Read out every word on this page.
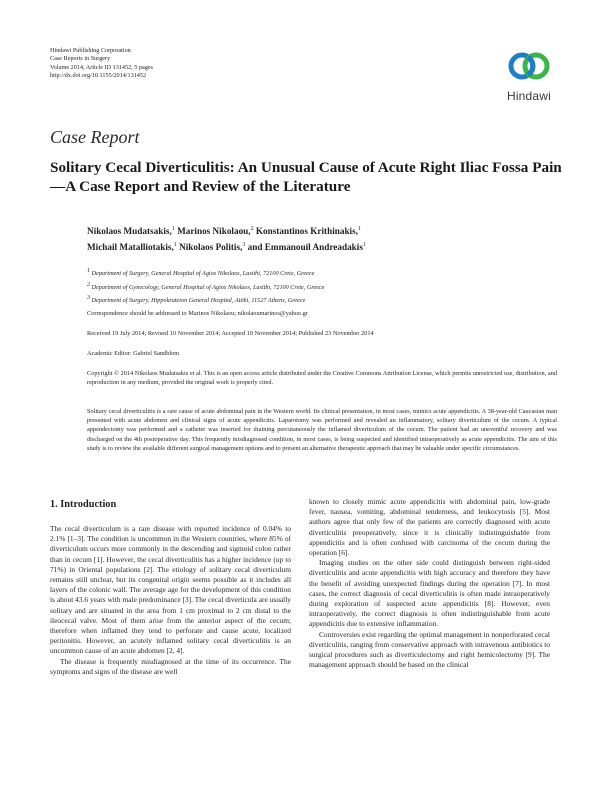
Hindawi Publishing Corporation
Case Reports in Surgery
Volume 2014, Article ID 131452, 5 pages
http://dx.doi.org/10.1155/2014/131452
Hindawi
Case Report
Solitary Cecal Diverticulitis: An Unusual Cause of Acute Right Iliac Fossa Pain—A Case Report and Review of the Literature
Nikolaos Mudatsakis,$^1$ Marinos Nikolaou,$^2$ Konstantinos Krithinakis,$^1$
Michail Matalliotakis,$^1$ Nikolaos Politis,$^3$ and Emmanouil Andreadakis$^1$
$^1$ Department of Surgery, General Hospital of Agios Nikolaos, Lasithi, 72100 Crete, Greece
$^2$ Department of Gynecology, General Hospital of Agios Nikolaos, Lasithi, 72100 Crete, Greece
$^3$ Department of Surgery, Hippokrateion General Hospital, Attiki, 11527 Athens, Greece
Correspondence should be addressed to Marinos Nikolaou; nikolaoumarinos@yahoo.gr
Received 19 July 2014; Revised 10 November 2014; Accepted 10 November 2014; Published 23 November 2014
Academic Editor: Gabriel Sandblom
Copyright © 2014 Nikolaos Mudatsakis et al. This is an open access article distributed under the Creative Commons Attribution License, which permits unrestricted use, distribution, and reproduction in any medium, provided the original work is properly cited.
Solitary cecal diverticulitis is a rare cause of acute abdominal pain in the Western world. Its clinical presentation, in most cases, mimics acute appendicitis. A 38-year-old Caucasian man presented with acute abdomen and clinical signs of acute appendicitis. Laparotomy was performed and revealed an inflammatory, solitary diverticulum of the cecum. A typical appendectomy was performed and a catheter was inserted for draining percutaneously the inflamed diverticulum of the cecum. The patient had an uneventful recovery and was discharged on the 4th postoperative day. This frequently misdiagnosed condition, in most cases, is being suspected and identified intraoperatively as acute appendicitis. The aim of this study is to review the available different surgical management options and to present an alternative therapeutic approach that may be valuable under specific circumstances.
1. Introduction

The cecal diverticulum is a rare disease with reported incidence of 0.04% to 2.1% [1–3]. The condition is uncommon in the Western countries, where 85% of diverticulum occurs more commonly in the descending and sigmoid colon rather than in cecum [1]. However, the cecal diverticulitis has a higher incidence (up to 71%) in Oriental populations [2]. The etiology of solitary cecal diverticulum remains still unclear, but its congenital origin seems possible as it includes all layers of the colonic wall. The average age for the development of this condition is about 43.6 years with male predominance [3]. The cecal diverticula are usually solitary and are situated in the area from 1 cm proximal to 2 cm distal to the ileocecal valve. Most of them arise from the anterior aspect of the cecum; therefore when inflamed they tend to perforate and cause acute, localized peritonitis. However, an acutely inflamed solitary cecal diverticulitis is an uncommon cause of an acute abdomen [2, 4].

The disease is frequently misdiagnosed at the time of its occurrence. The symptoms and signs of the disease are well

known to closely mimic acute appendicitis with abdominal pain, low-grade fever, nausea, vomiting, abdominal tenderness, and leukocytosis [5]. Most authors agree that only few of the patients are correctly diagnosed with acute diverticulitis preoperatively, since it is clinically indistinguishable from appendicitis and is often confused with carcinoma of the cecum during the operation [6].

Imaging studies on the other side could distinguish between right-sided diverticulitis and acute appendicitis with high accuracy and therefore they have the benefit of avoiding unexpected findings during the operation [7]. In most cases, the correct diagnosis of cecal diverticulitis is often made intraoperatively during exploration of suspected acute appendicitis [8]. However, even intraoperatively, the correct diagnosis is often indistinguishable from acute appendicitis due to extensive inflammation.

Controversies exist regarding the optimal management in nonperforated cecal diverticulitis, ranging from conservative approach with intravenous antibiotics to surgical procedures such as diverticulectomy and right hemicolectomy [9]. The management approach should be based on the clinical
